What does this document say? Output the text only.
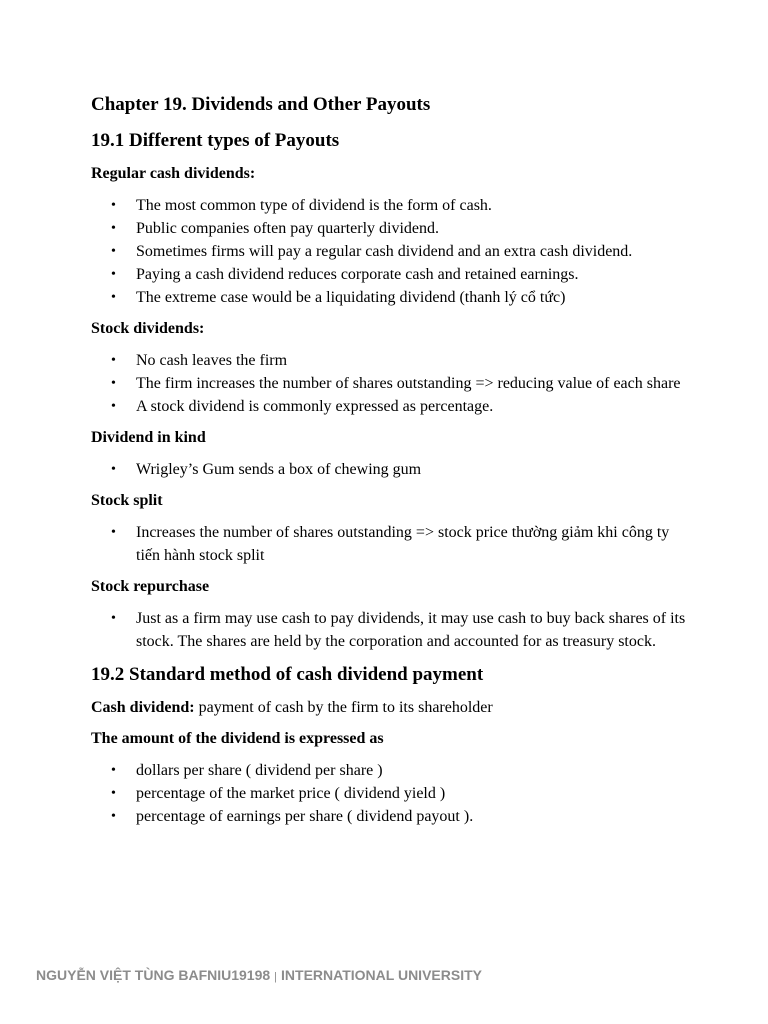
Chapter 19. Dividends and Other Payouts
19.1 Different types of Payouts
Regular cash dividends:
• The most common type of dividend is the form of cash.
• Public companies often pay quarterly dividend.
• Sometimes firms will pay a regular cash dividend and an extra cash dividend.
• Paying a cash dividend reduces corporate cash and retained earnings.
• The extreme case would be a liquidating dividend (thanh lý cổ tức)
Stock dividends:
• No cash leaves the firm
• The firm increases the number of shares outstanding => reducing value of each share
• A stock dividend is commonly expressed as percentage.
Dividend in kind
• Wrigley’s Gum sends a box of chewing gum
Stock split
• Increases the number of shares outstanding => stock price thường giảm khi công ty tiến hành stock split
Stock repurchase
• Just as a firm may use cash to pay dividends, it may use cash to buy back shares of its stock. The shares are held by the corporation and accounted for as treasury stock.
19.2 Standard method of cash dividend payment

Cash dividend: payment of cash by the firm to its shareholder

The amount of the dividend is expressed as
• dollars per share ( dividend per share )
• percentage of the market price ( dividend yield )
• percentage of earnings per share ( dividend payout ).
NGUYỄN VIỆT TÙNG BAFNIU19198 | INTERNATIONAL UNIVERSITY
